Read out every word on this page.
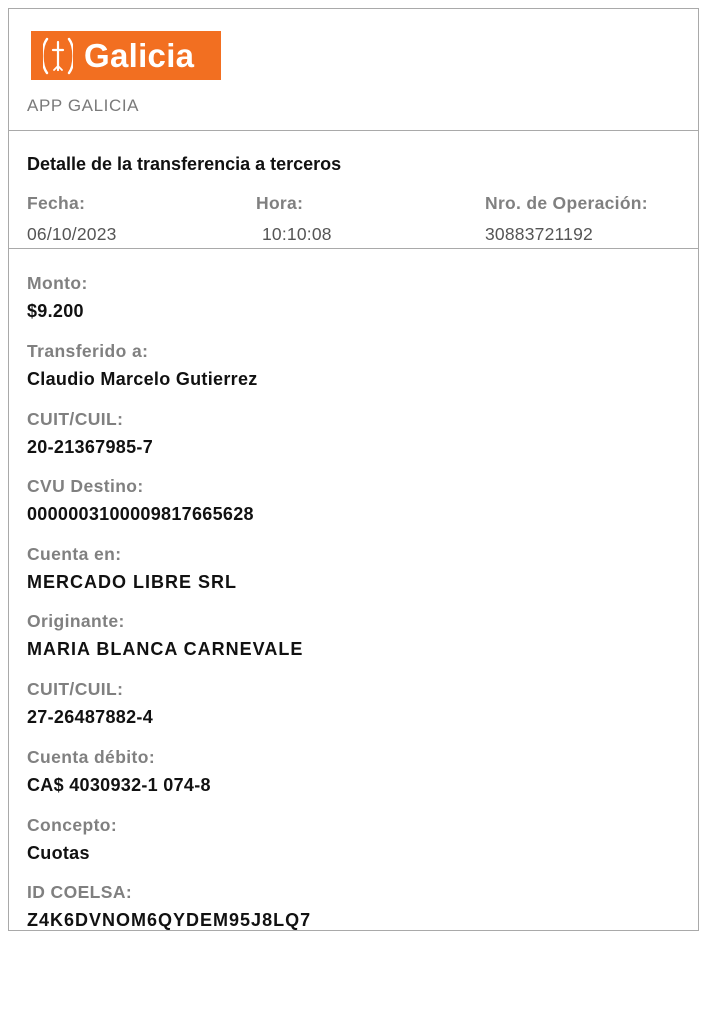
Galicia
APP GALICIA
Detalle de la transferencia a terceros
Fecha:
06/10/2023
Hora:
10:10:08
Nro. de Operación:
30883721192
Monto:
$9.200
Transferido a:
Claudio Marcelo Gutierrez
CUIT/CUIL:
20-21367985-7
CVU Destino:
0000003100009817665628
Cuenta en:
MERCADO LIBRE SRL
Originante:
MARIA BLANCA CARNEVALE
CUIT/CUIL:
27-26487882-4
Cuenta débito:
CA$ 4030932-1 074-8
Concepto:
Cuotas
ID COELSA:
Z4K6DVNOM6QYDEM95J8LQ7
